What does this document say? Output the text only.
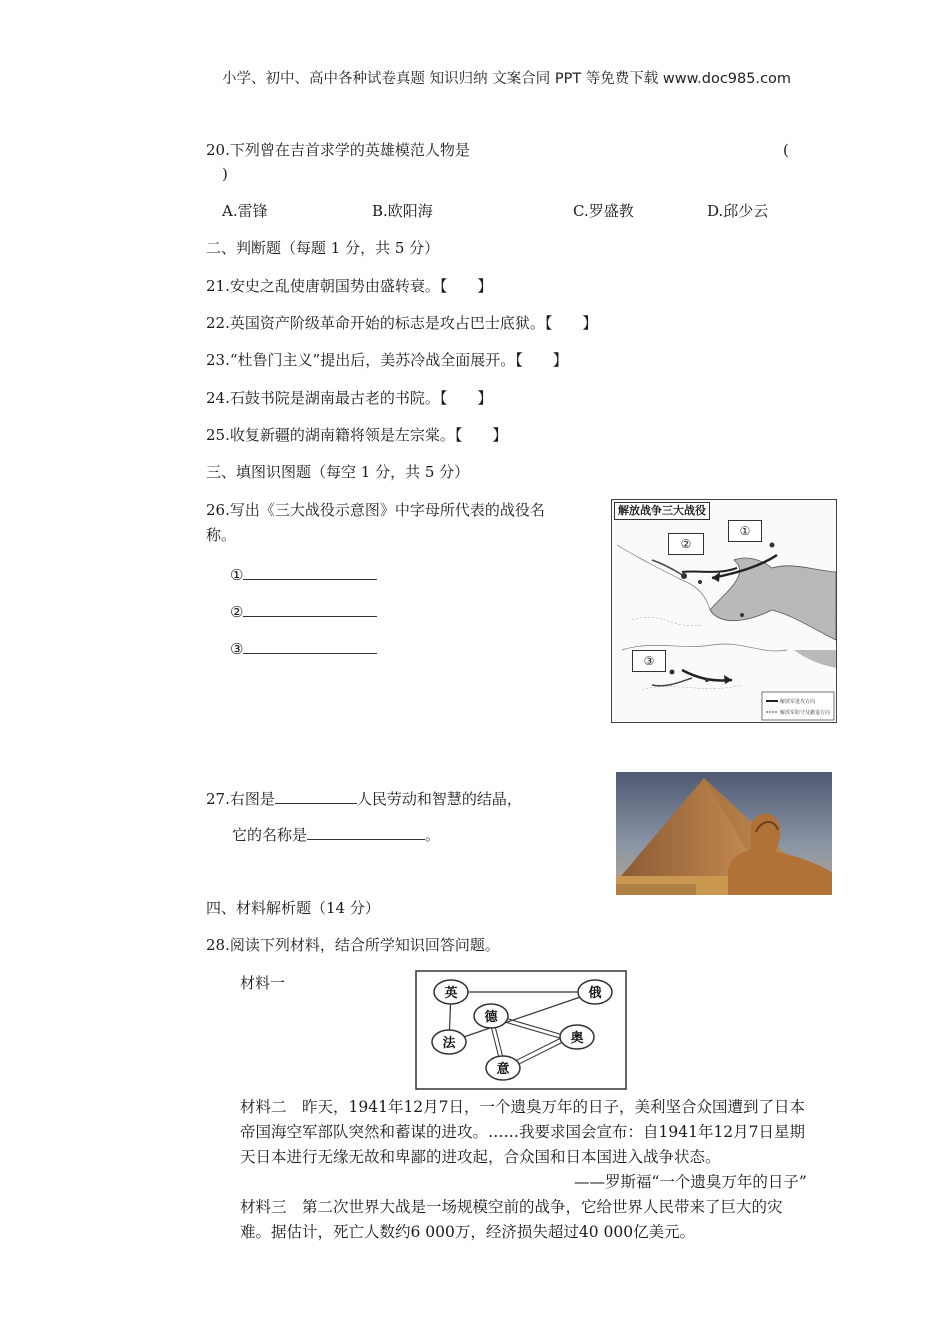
小学、初中、高中各种试卷真题 知识归纳 文案合同 PPT 等免费下载 www.doc985.com
20.下列曾在吉首求学的英雄模范人物是	(
)
A.雷锋	B.欧阳海	C.罗盛教	D.邱少云
二、判断题（每题 1 分，共 5 分）
21.安史之乱使唐朝国势由盛转衰。【　　】
22.英国资产阶级革命开始的标志是攻占巴士底狱。【　　】
23.“杜鲁门主义”提出后，美苏冷战全面展开。【　　】
24.石鼓书院是湖南最古老的书院。【　　】
25.收复新疆的湖南籍将领是左宗棠。【　　】
三、填图识图题（每空 1 分，共 5 分）
26.写出《三大战役示意图》中字母所代表的战役名
称。
①
②
③
解放军进攻方向
解放军防守及撤退方向
解放战争三大战役
①
②
③
27.右图是	人民劳动和智慧的结晶，
它的名称是	。
四、材料解析题（14 分）
28.阅读下列材料，结合所学知识回答问题。
材料一
英	俄
德
奥
法
意
材料二　昨天，1941年12月7日，一个遗臭万年的日子，美利坚合众国遭到了日本
帝国海空军部队突然和蓄谋的进攻。……我要求国会宣布：自1941年12月7日星期
天日本进行无缘无故和卑鄙的进攻起，合众国和日本国进入战争状态。
——罗斯福“一个遗臭万年的日子”
材料三　第二次世界大战是一场规模空前的战争，它给世界人民带来了巨大的灾
难。据估计，死亡人数约6 000万，经济损失超过40 000亿美元。
